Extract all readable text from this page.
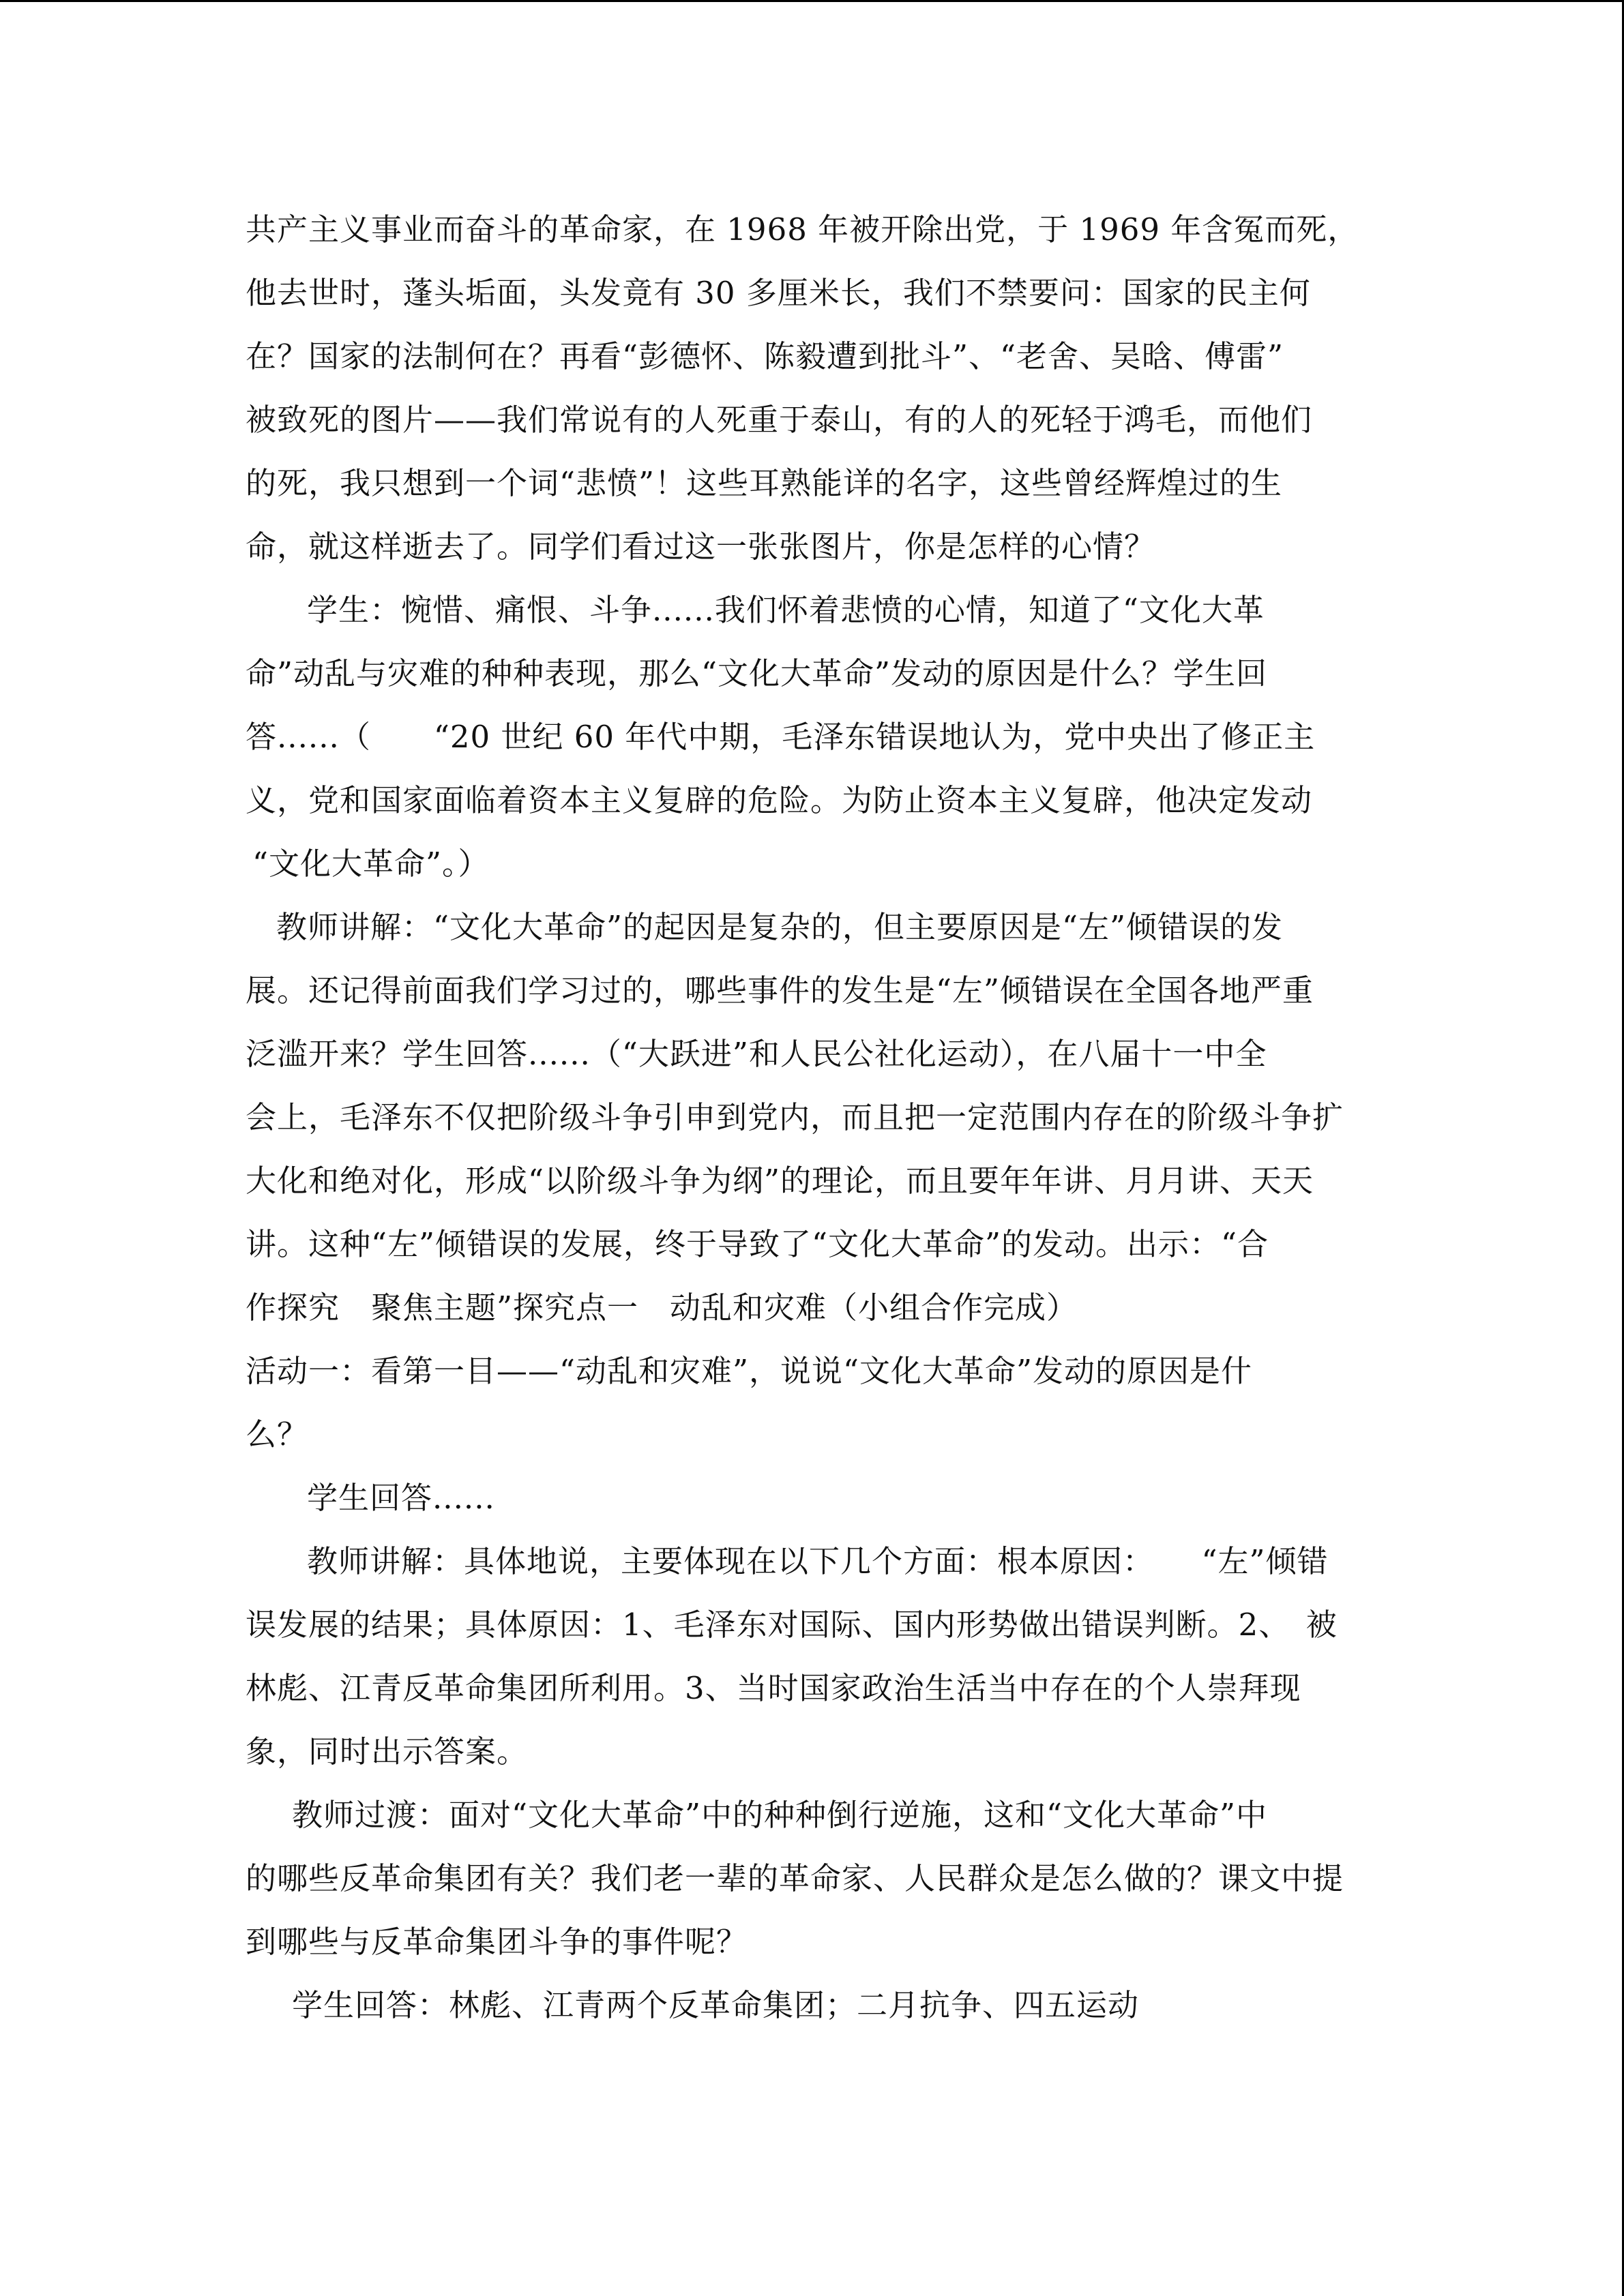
共产主义事业而奋斗的革命家，在 1968 年被开除出党，于 1969 年含冤而死，
他去世时，蓬头垢面，头发竟有 30 多厘米长，我们不禁要问：国家的民主何
在？国家的法制何在？再看“彭德怀、陈毅遭到批斗”、“老舍、吴晗、傅雷”
被致死的图片——我们常说有的人死重于泰山，有的人的死轻于鸿毛，而他们
的死，我只想到一个词“悲愤”！这些耳熟能详的名字，这些曾经辉煌过的生
命，就这样逝去了。同学们看过这一张张图片，你是怎样的心情？
学生：惋惜、痛恨、斗争......我们怀着悲愤的心情，知道了“文化大革
命”动乱与灾难的种种表现，那么“文化大革命”发动的原因是什么？学生回
答......（　　“20 世纪 60 年代中期，毛泽东错误地认为，党中央出了修正主
义，党和国家面临着资本主义复辟的危险。为防止资本主义复辟，他决定发动
“文化大革命”。）
教师讲解：“文化大革命”的起因是复杂的，但主要原因是“左”倾错误的发
展。还记得前面我们学习过的，哪些事件的发生是“左”倾错误在全国各地严重
泛滥开来？学生回答......（“大跃进”和人民公社化运动），在八届十一中全
会上，毛泽东不仅把阶级斗争引申到党内，而且把一定范围内存在的阶级斗争扩
大化和绝对化，形成“以阶级斗争为纲”的理论，而且要年年讲、月月讲、天天
讲。这种“左”倾错误的发展，终于导致了“文化大革命”的发动。出示：“合
作探究　聚焦主题”探究点一　动乱和灾难（小组合作完成）
活动一：看第一目——“动乱和灾难”，说说“文化大革命”发动的原因是什
么？
学生回答......
教师讲解：具体地说，主要体现在以下几个方面：根本原因：　　“左”倾错
误发展的结果；具体原因：1、毛泽东对国际、国内形势做出错误判断。2、　被
林彪、江青反革命集团所利用。3、当时国家政治生活当中存在的个人崇拜现
象，同时出示答案。
教师过渡：面对“文化大革命”中的种种倒行逆施，这和“文化大革命”中
的哪些反革命集团有关？我们老一辈的革命家、人民群众是怎么做的？课文中提
到哪些与反革命集团斗争的事件呢？
学生回答：林彪、江青两个反革命集团；二月抗争、四五运动
